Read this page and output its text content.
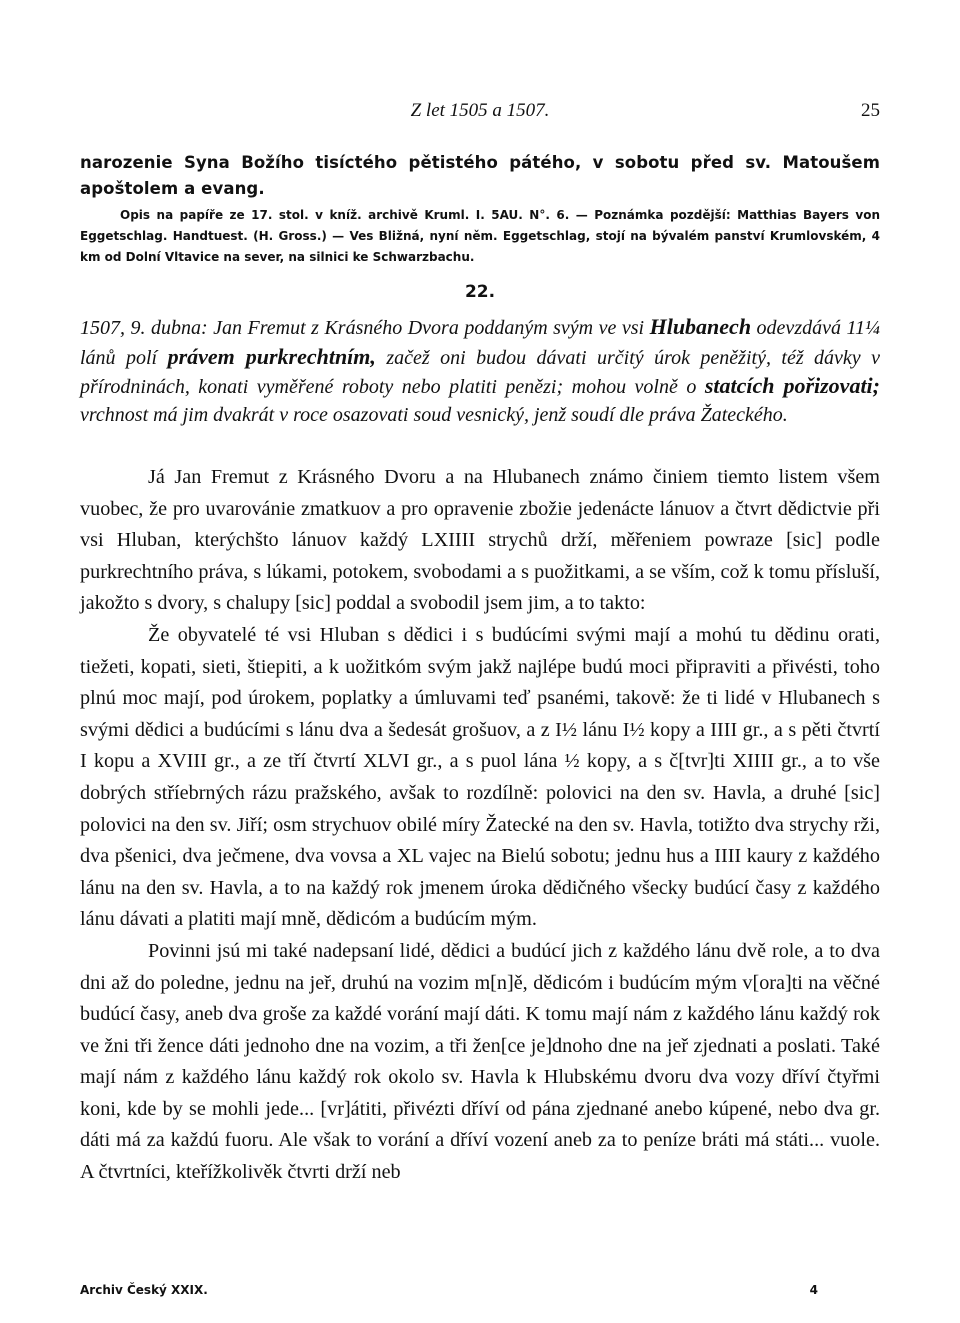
Z let 1505 a 1507.	25
narozenie Syna Božího tisíctého pětistého pátého, v sobotu před sv. Matoušem apoštolem a evang.
Opis na papíře ze 17. stol. v kníž. archivě Kruml. I. 5AU. N°. 6. — Poznámka pozdější: Matthias Bayers von Eggetschlag. Handtuest. (H. Gross.) — Ves Bližná, nyní něm. Eggetschlag, stojí na bývalém panství Krumlovském, 4 km od Dolní Vltavice na sever, na silnici ke Schwarzbachu.
22.
1507, 9. dubna: Jan Fremut z Krásného Dvora poddaným svým ve vsi Hlubanech odevzdává 11¼ lánů polí právem purkrechtním, začež oni budou dávati určitý úrok peněžitý, též dávky v přírodninách, konati vyměřené roboty nebo platiti penězi; mohou volně o statcích pořizovati; vrchnost má jim dvakrát v roce osazovati soud vesnický, jenž soudí dle práva Žateckého.

Já Jan Fremut z Krásného Dvoru a na Hlubanech známo činiem tiemto listem všem vuobec, že pro uvarovánie zmatkuov a pro opravenie zbožie jedenácte lánuov a čtvrt dědictvie při vsi Hluban, kterýchšto lánuov každý LXIIII strychů drží, měřeniem powraze [sic] podle purkrechtního práva, s lúkami, potokem, svobodami a s puožitkami, a se vším, což k tomu přísluší, jakožto s dvory, s chalupy [sic] poddal a svobodil jsem jim, a to takto:

Že obyvatelé té vsi Hluban s dědici i s budúcími svými mají a mohú tu dědinu orati, tiežeti, kopati, sieti, štiepiti, a k uožitkóm svým jakž najlépe budú moci připraviti a přivésti, toho plnú moc mají, pod úrokem, poplatky a úmluvami teď psanémi, takově: že ti lidé v Hlubanech s svými dědici a budúcími s lánu dva a šedesát grošuov, a z I½ lánu I½ kopy a IIII gr., a s pěti čtvrtí I kopu a XVIII gr., a ze tří čtvrtí XLVI gr., a s puol lána ½ kopy, a s č[tvr]ti XIIII gr., a to vše dobrých stříebrných rázu pražského, avšak to rozdílně: polovici na den sv. Havla, a druhé [sic] polovici na den sv. Jiří; osm strychuov obilé míry Žatecké na den sv. Havla, totižto dva strychy rži, dva pšenici, dva ječmene, dva vovsa a XL vajec na Bielú sobotu; jednu hus a IIII kaury z každého lánu na den sv. Havla, a to na každý rok jmenem úroka dědičného všecky budúcí časy z každého lánu dávati a platiti mají mně, dědicóm a budúcím mým.

Povinni jsú mi také nadepsaní lidé, dědici a budúcí jich z každého lánu dvě role, a to dva dni až do poledne, jednu na jeř, druhú na vozim m[n]ě, dědicóm i budúcím mým v[ora]ti na věčné budúcí časy, aneb dva groše za každé vorání mají dáti. K tomu mají nám z každého lánu každý rok ve žni tři žence dáti jednoho dne na vozim, a tři žen[ce je]dnoho dne na jeř zjednati a poslati. Také mají nám z každého lánu každý rok okolo sv. Havla k Hlubskému dvoru dva vozy dříví čtyřmi koni, kde by se mohli jede... [vr]átiti, přivézti dříví od pána zjednané anebo kúpené, nebo dva gr. dáti má za každú fuoru. Ale však to vorání a dříví vození aneb za to peníze bráti má státi... vuole. A čtvrtníci, kteřížkolivěk čtvrti drží neb

Archiv Český XXIX.	4
